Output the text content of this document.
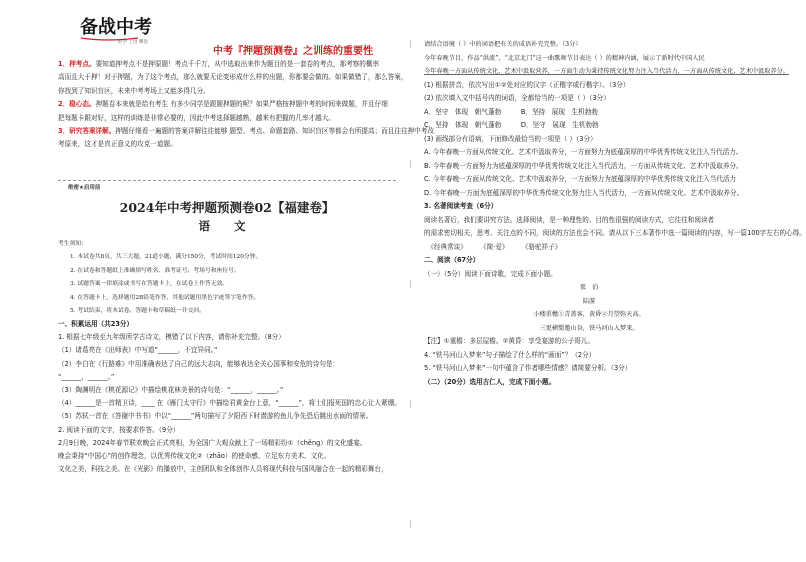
备战中考
好学 上进 攀登
中考『押题预测卷』之训练的重要性
1．押考点。要知道押考点不是押原题！考点千千万，从中选取出来作为题目的是一套卷的考点，那考察的概率
高而且大于押！对于押题，为了这个考点，那么就要无论变形成什么样的出题，你都要会做的。如果做错了，那么答案，
你找到了知识盲区，未来中考考场上又能多得几分。
2．稳心态。押题卷本来就是给有考生 有多少同学是跟题押题的呢？如果严格按押题中考的时间来做题，并且仔细
把每题卡跟对好，这样的训练是非常必要的，因此中考选择题越熟，越来有把握的几率才越大。
3．研究答案详解。押题仔细看一遍题的答案详解往往能够 题型、考点、命题套路、知识盲区等都会有所提高；而且往往押中考改
考原来，这才是真正意义的攻克一道题。
绝密★启用前
2024年中考押题预测卷02【福建卷】
语 文
考生须知：
1. 本试卷共8页，共三大题，21道小题，满分150分，考试时间120分钟。
2. 在试卷和答题纸上准确填写姓名、准考证号、考场号和座位号。
3. 试题答案一律填涂或书写在答题卡上，在试卷上作答无效。
4. 在答题卡上，选择题用2B铅笔作答，其他试题用黑色字迹签字笔作答。
5. 考试结束，将本试卷、答题卡和草稿纸一并交回。
一、积累运用（共23分）
1. 根据七年级至九年级所学古诗文，模错了以下内容，请你补充完整。（8分）
（1）诸葛亮在《出师表》中写道“______，不宜异同。”
（2）李白在《行路难》中用准确表达了自己的远大志向，能够表达全关心国事和安危的诗句是：
“______，______。”
（3）陶渊明在《桃花源记》中描绘桃花林美景的诗句是：“______，______。”
（4）______是一首精卫诗，____ 在《雁门太守行》中描绘君黄金台上意，“______”，将士们报死国的忠心让人紧绷。
（5）苏轼一首在《答谢中书书》中以“______”两句描写了夕阳西下时潜游的鱼儿争先恐后跳出水面的情景。
2. 阅读下面的文字，按要求作答。（9分）
2月9日晚，2024年春节联欢晚会正式亮相，为全国广大观众献上了一场精彩纷①（chěng）的文化盛宴。
晚会秉持“中国心”的创作理念，以优秀传统文化②（zhāo）的使命感、立足东方美术、文化、
文化之美，科技之美。在《光影》的播放中，主创团队和全体创作人员将现代科技与国风融合在一起的精彩舞台，
请结合语境（ ）中的词语把有关的成语补充完整。（3分）
今年春晚节目，作品“洪流”、“北京北门”这一曲歌舞节目表达（ ）的精神内涵，展示了新时代中国人民
今年春晚一方面从传统文化、艺术中汲取营养，一方面生动为秉持传统文化努力注入当代活力，一方面从传统文化、艺术中汲取养分。
(1) 根据拼音，依次写出①②处对应的汉字（正楷字或行楷字）。（3分）
(2) 依次填入文中括号内的词语，全都恰当的一项是（ ）（3分）
A．坚守　体现　朝气蓬勃　　　B．坚持　展现　生机勃勃
C．坚持　体现　朝气蓬勃　　　D．坚守　展现　生机勃勃
(3) 画线部分有语病，下面修改最恰当的一项是（ ）（3分）
A. 今年春晚一方面从传统文化、艺术中汲取养分，一方面努力为底蕴深厚的中华优秀传统文化注入当代活力。
B. 今年春晚一方面努力为底蕴深厚的中华优秀传统文化注入当代活力，一方面从传统文化、艺术中汲取养分。
C. 今年春晚一方面从传统文化、艺术中汲取养分，一方面努力为底蕴深厚的中华优秀传统文化注入当代活力
D. 今年春晚一方面为底蕴深厚的中华优秀传统文化努力注入当代活力，一方面从传统文化、艺术中汲取养分。
3. 名著阅读考查（6分）
阅读名著后，我们要讲究方法。选择阅读，是一种理性的、目的性很强的阅读方式，它往往和阅读者
的需求密切相关，思考、关注点的不同，阅读的方法也会不同。请从以下三本著作中选一篇阅读的内容，写一篇100字左右的心得。
　《经典常谈》　　　《简·爱》　　　《骆驼祥子》
二、阅读（67分）
（一）（5分）阅读下面诗歌，完成下面小题。
夜　泊
陆游
小楼重檐①青盖客，黄昏②月望弥天高。
三更横槊邀山谷，铁马河山入梦来。
【注】①重檐：多层屋檐。②黄昏：享受宴游的公子哥儿。
4. “铁马河山入梦来”句子描绘了什么样的“画面”？（2分）
5. “铁马河山入梦来”一句中蕴含了作者哪些情感？请简要分析。（3分）
（二）（20分）选用古仁人，完成下面小题。
